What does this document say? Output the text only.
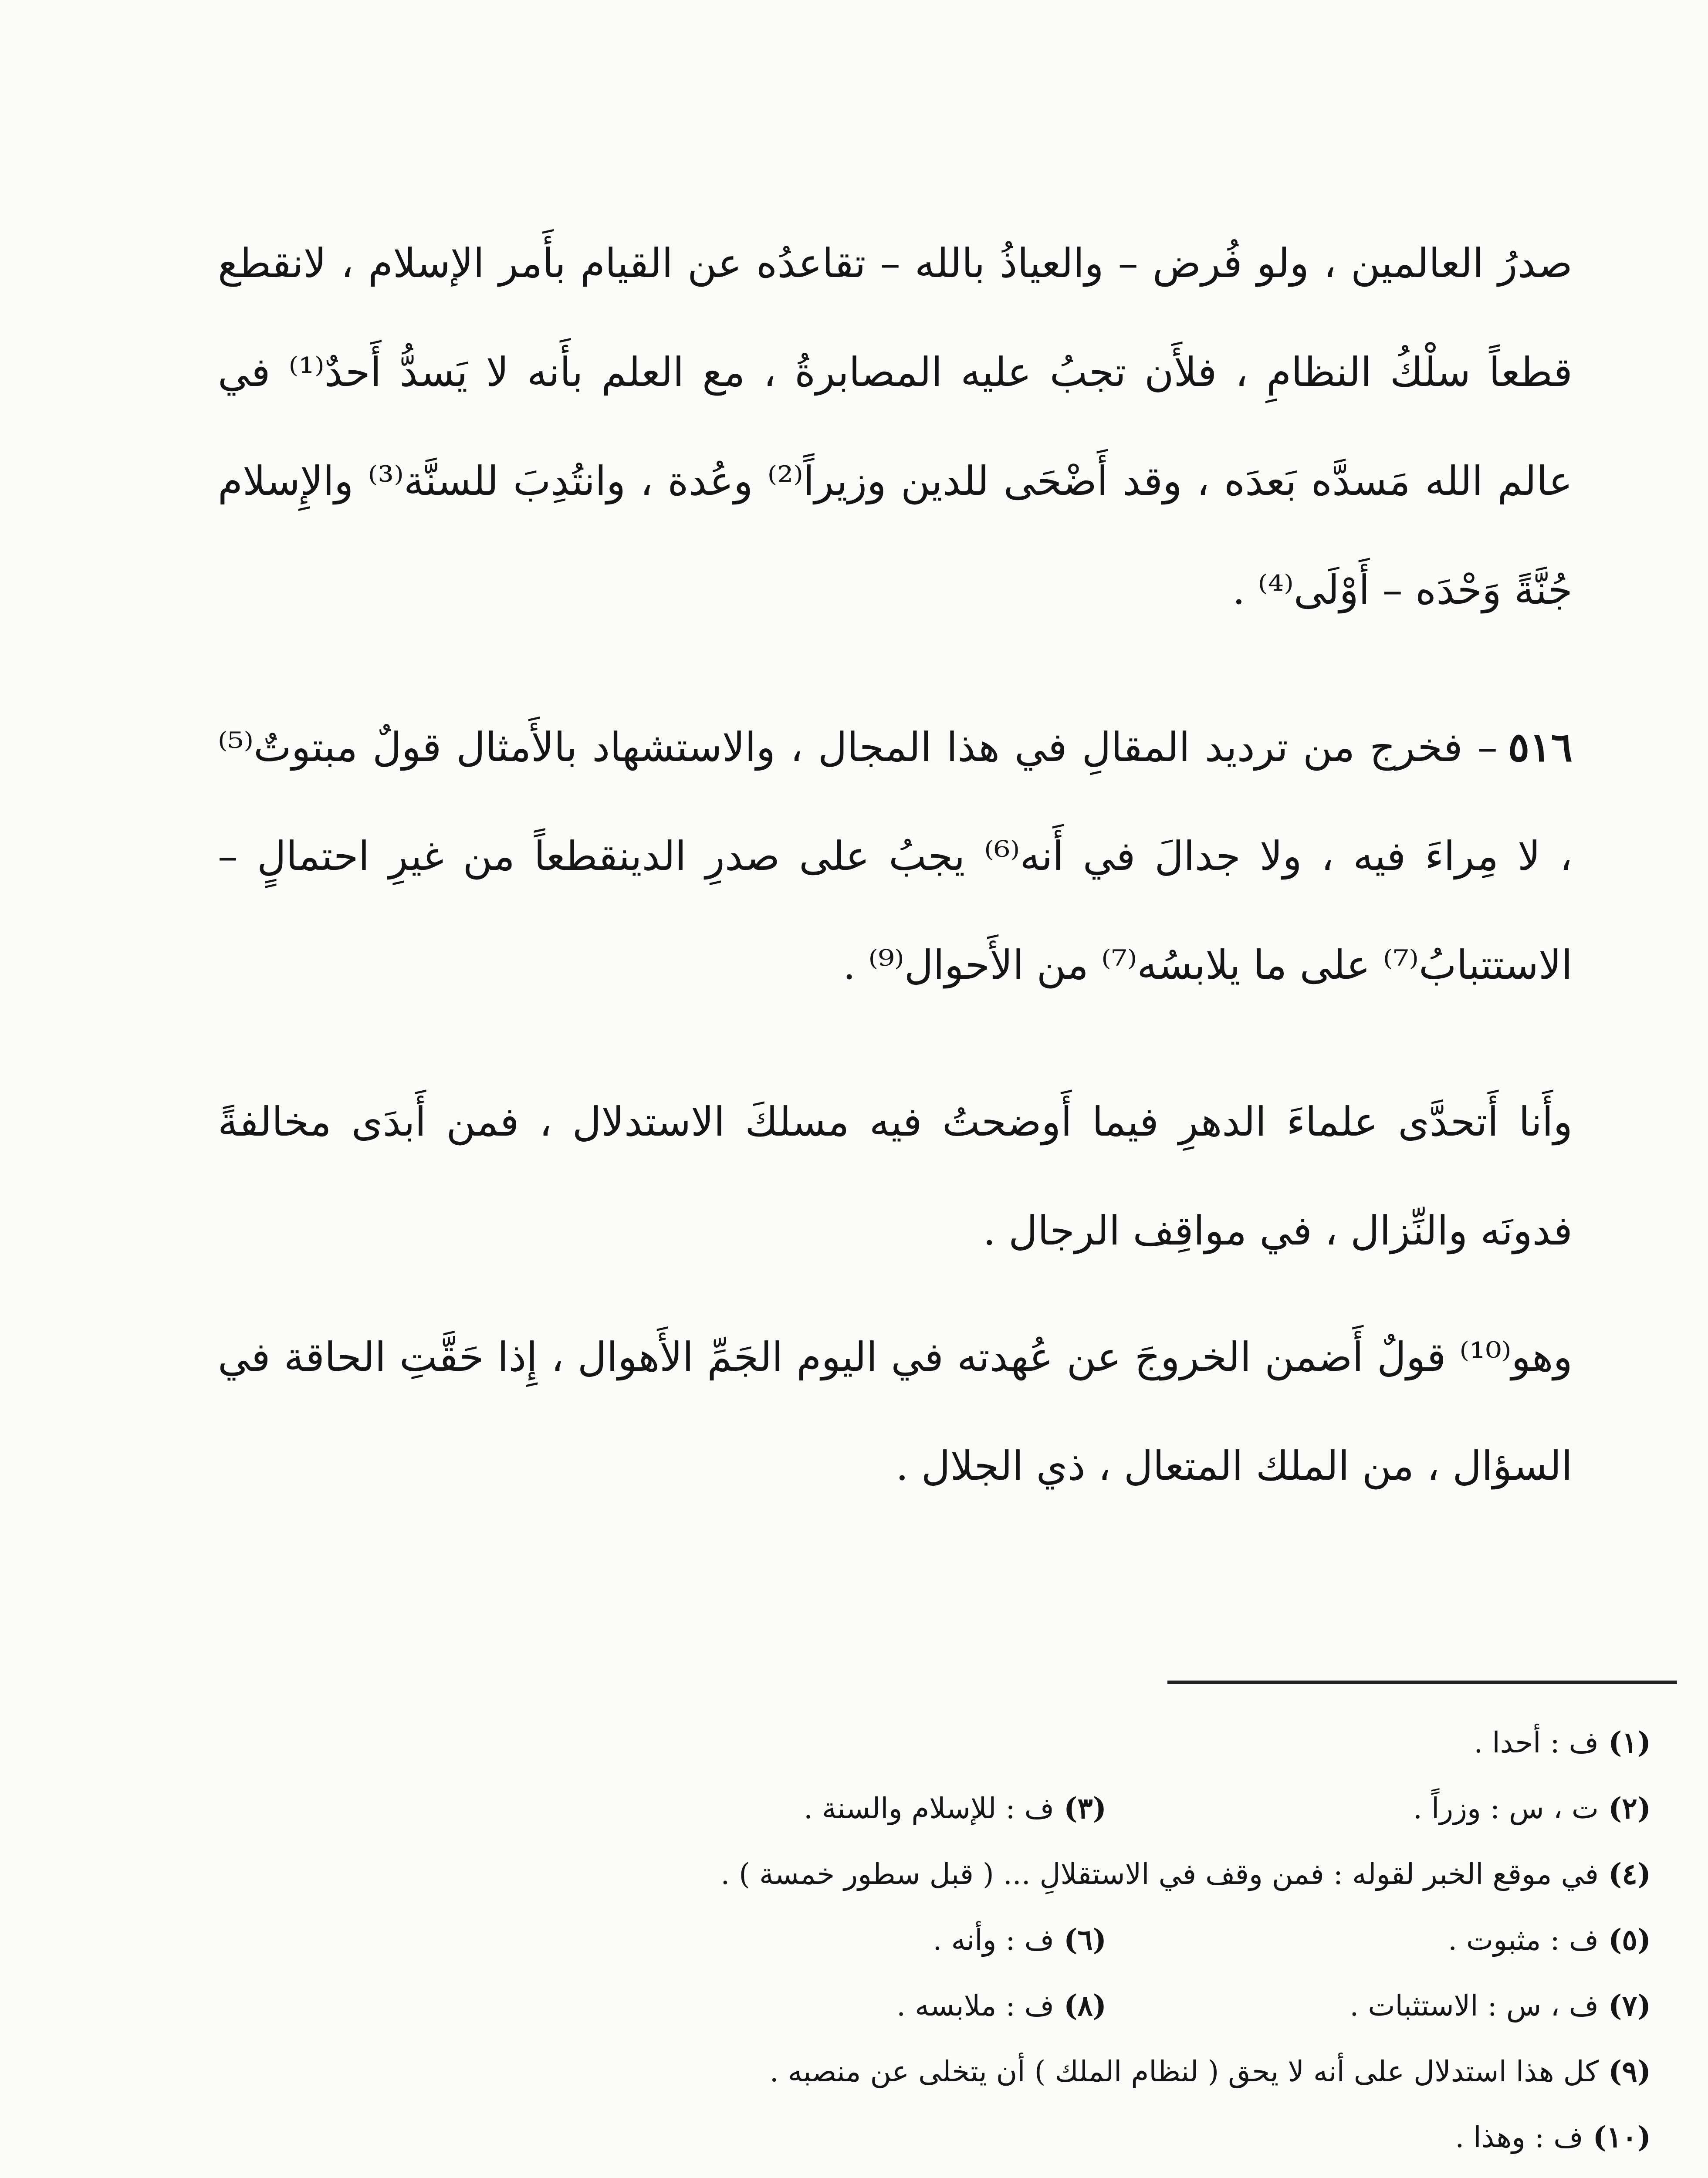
صدرُ العالمين ، ولو فُرض – والعياذُ بالله – تقاعدُه عن القيام بأَمر الإسلام ، لانقطع قطعاً سلْكُ النظامِ ، فلأَن تجبُ عليه المصابرةُ ، مع العلم بأَنه لا يَسدُّ أَحدٌ⁽¹⁾ في عالم الله مَسدَّه بَعدَه ، وقد أَضْحَى للدين وزيراً⁽²⁾ وعُدة ، وانتُدِبَ للسنَّة⁽³⁾ والإِسلام جُنَّةً وَحْدَه – أَوْلَى⁽⁴⁾ .

٥١٦– فخرج من ترديد المقالِ في هذا المجال ، والاستشهاد بالأَمثال قولٌ مبتوتٌ⁽⁵⁾ ، لا مِراءَ فيه ، ولا جدالَ في أَنه⁽⁶⁾ يجبُ على صدرِ الدينقطعاً من غيرِ احتمالٍ – الاستتبابُ⁽⁷⁾ على ما يلابسُه⁽⁷⁾ من الأَحوال⁽⁹⁾ .

وأَنا أَتحدَّى علماءَ الدهرِ فيما أَوضحتُ فيه مسلكَ الاستدلال ، فمن أَبدَى مخالفةً فدونَه والنِّزال ، في مواقِف الرجال .

وهو⁽¹⁰⁾ قولٌ أَضمن الخروجَ عن عُهدته في اليوم الجَمِّ الأَهوال ، إِذا حَقَّتِ الحاقة في السؤال ، من الملك المتعال ، ذي الجلال .

(١)ف : أحدا .
(٢)ت ، س : وزراً .
(٣)ف : للإسلام والسنة .
(٤)في موقع الخبر لقوله : فمن وقف في الاستقلالِ ... ( قبل سطور خمسة ) .
(٥)ف : مثبوت .
(٦)ف : وأنه .
(٧)ف ، س : الاستثبات .
(٨)ف : ملابسه .
(٩)كل هذا استدلال على أنه لا يحق ( لنظام الملك ) أن يتخلى عن منصبه .
(١٠)ف : وهذا .
